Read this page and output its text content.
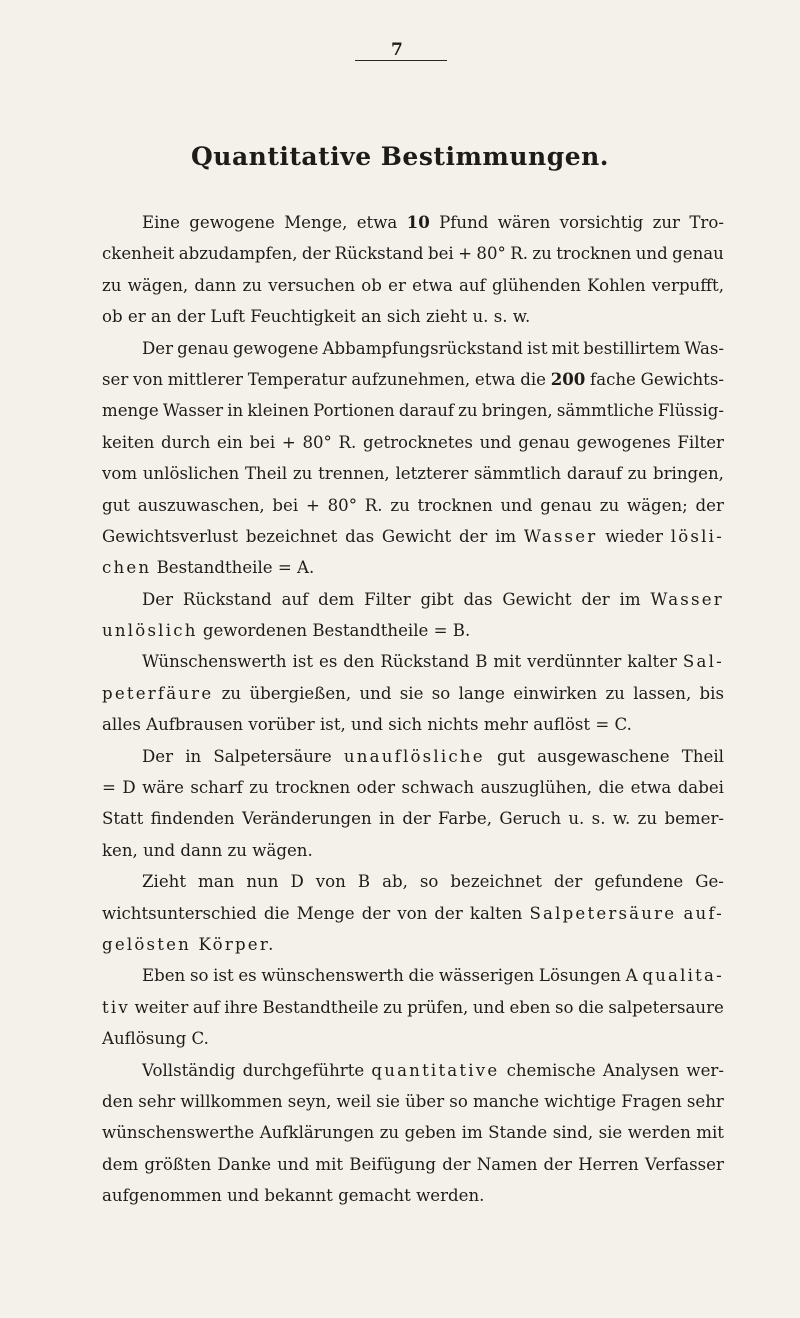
7
Quantitative Bestimmungen.
Eine gewogene Menge, etwa 10 Pfund wären vorsichtig zur Tro-
ckenheit abzudampfen, der Rückstand bei + 80° R. zu trocknen und genau
zu wägen, dann zu versuchen ob er etwa auf glühenden Kohlen verpufft,
ob er an der Luft Feuchtigkeit an sich zieht u. s. w.
Der genau gewogene Abbampfungsrückstand ist mit bestillirtem Was-
ser von mittlerer Temperatur aufzunehmen, etwa die 200 fache Gewichts-
menge Wasser in kleinen Portionen darauf zu bringen, sämmtliche Flüssig-
keiten durch ein bei + 80° R. getrocknetes und genau gewogenes Filter
vom unlöslichen Theil zu trennen, letzterer sämmtlich darauf zu bringen,
gut auszuwaschen, bei + 80° R. zu trocknen und genau zu wägen; der
Gewichtsverlust bezeichnet das Gewicht der im Wasser wieder lösli-
chen Bestandtheile = A.
Der Rückstand auf dem Filter gibt das Gewicht der im Wasser
unlöslich gewordenen Bestandtheile = B.
Wünschenswerth ist es den Rückstand B mit verdünnter kalter Sal-
peterfäure zu übergießen, und sie so lange einwirken zu lassen, bis
alles Aufbrausen vorüber ist, und sich nichts mehr auflöst = C.
Der in Salpetersäure unauflösliche gut ausgewaschene Theil
= D wäre scharf zu trocknen oder schwach auszuglühen, die etwa dabei
Statt findenden Veränderungen in der Farbe, Geruch u. s. w. zu bemer-
ken, und dann zu wägen.
Zieht man nun D von B ab, so bezeichnet der gefundene Ge-
wichtsunterschied die Menge der von der kalten Salpetersäure auf-
gelösten Körper.
Eben so ist es wünschenswerth die wässerigen Lösungen A qualita-
tiv weiter auf ihre Bestandtheile zu prüfen, und eben so die salpetersaure
Auflösung C.
Vollständig durchgeführte quantitative chemische Analysen wer-
den sehr willkommen seyn, weil sie über so manche wichtige Fragen sehr
wünschenswerthe Aufklärungen zu geben im Stande sind, sie werden mit
dem größten Danke und mit Beifügung der Namen der Herren Verfasser
aufgenommen und bekannt gemacht werden.
